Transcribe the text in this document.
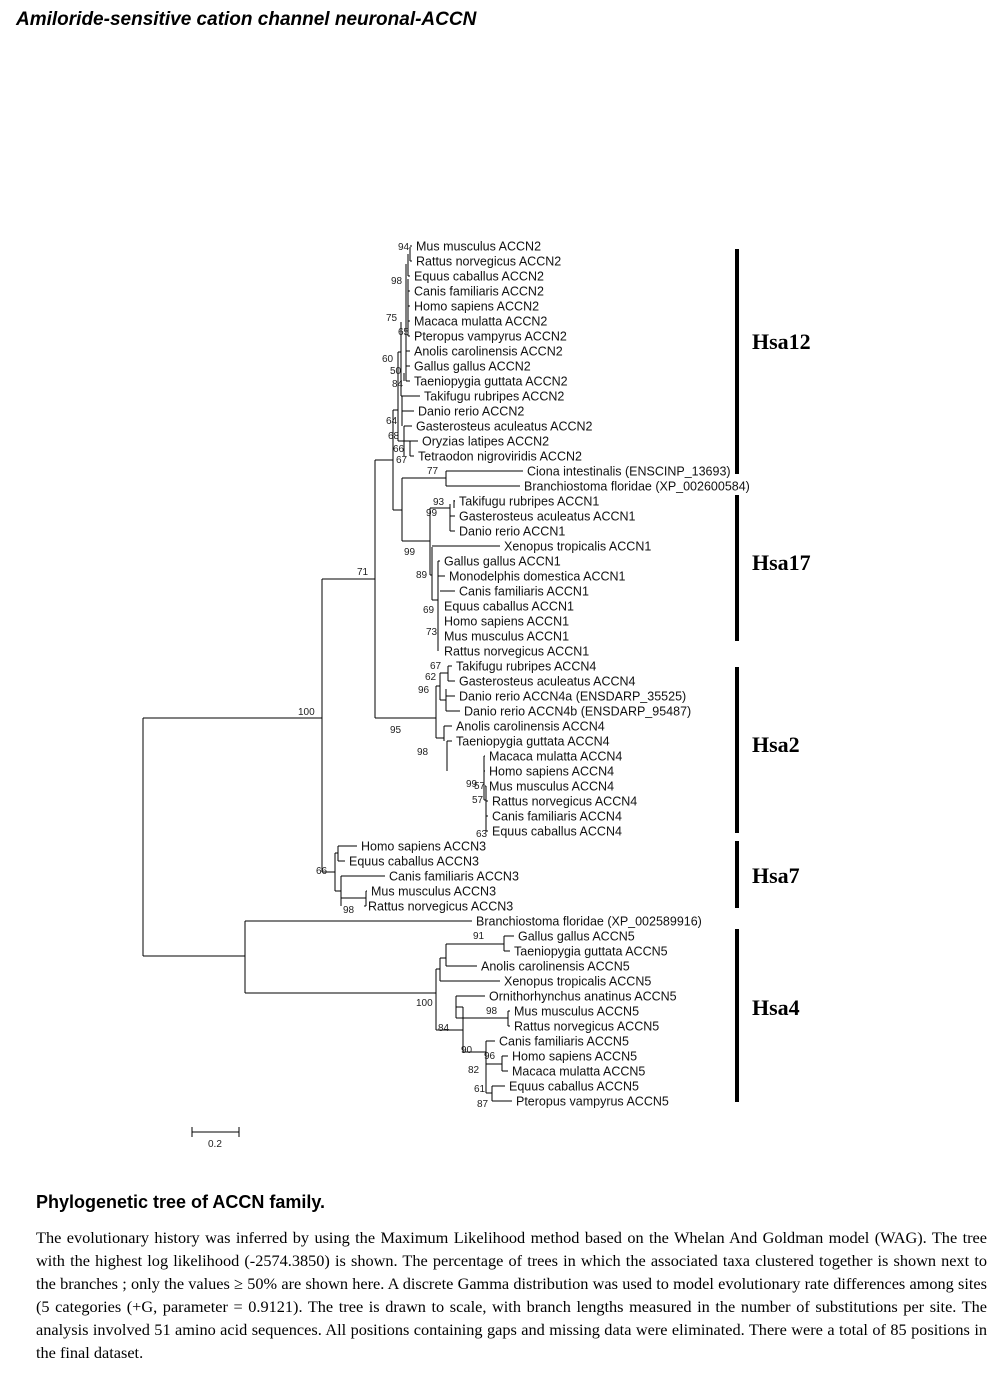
Amiloride-sensitive cation channel neuronal-ACCN
Mus musculus ACCN2
Rattus norvegicus ACCN2
Equus caballus ACCN2
Canis familiaris ACCN2
Homo sapiens ACCN2
Macaca mulatta ACCN2
Pteropus vampyrus ACCN2
Anolis carolinensis ACCN2
Gallus gallus ACCN2
Taeniopygia guttata ACCN2
Takifugu rubripes ACCN2
Danio rerio ACCN2
Gasterosteus aculeatus ACCN2
Oryzias latipes ACCN2
Tetraodon nigroviridis ACCN2
Ciona intestinalis (ENSCINP_13693)
Branchiostoma floridae (XP_002600584)
Takifugu rubripes ACCN1
Gasterosteus aculeatus ACCN1
Danio rerio ACCN1
Xenopus tropicalis ACCN1
Gallus gallus ACCN1
Monodelphis domestica ACCN1
Canis familiaris ACCN1
Equus caballus ACCN1
Homo sapiens ACCN1
Mus musculus ACCN1
Rattus norvegicus ACCN1
Takifugu rubripes ACCN4
Gasterosteus aculeatus ACCN4
Danio rerio ACCN4a (ENSDARP_35525)
Danio rerio ACCN4b (ENSDARP_95487)
Anolis carolinensis ACCN4
Taeniopygia guttata ACCN4
Macaca mulatta ACCN4
Homo sapiens ACCN4
Mus musculus ACCN4
Rattus norvegicus ACCN4
Canis familiaris ACCN4
Equus caballus ACCN4
Homo sapiens ACCN3
Equus caballus ACCN3
Canis familiaris ACCN3
Mus musculus ACCN3
Rattus norvegicus ACCN3
Branchiostoma floridae (XP_002589916)
Gallus gallus ACCN5
Taeniopygia guttata ACCN5
Anolis carolinensis ACCN5
Xenopus tropicalis ACCN5
Ornithorhynchus anatinus ACCN5
Mus musculus ACCN5
Rattus norvegicus ACCN5
Canis familiaris ACCN5
Homo sapiens ACCN5
Macaca mulatta ACCN5
Equus caballus ACCN5
Pteropus vampyrus ACCN5
94
98
75
65
60
50
84
64
68
66
67
77
93
99
99
89
69
73
71
67
62
96
100
95
98
99
57
57
63
66
98
91
100
98
84
90
96
82
61
87
Hsa12
Hsa17
Hsa2
Hsa7
Hsa4
0.2
Phylogenetic tree of ACCN family.
The evolutionary history was inferred by using the Maximum Likelihood method based on the Whelan And Goldman model (WAG). The tree with the highest log likelihood (-2574.3850) is shown. The percentage of trees in which the associated taxa clustered together is shown next to the branches ; only the values ≥ 50% are shown here. A discrete Gamma distribution was used to model evolutionary rate differences among sites (5 categories (+G, parameter = 0.9121). The tree is drawn to scale, with branch lengths measured in the number of substitutions per site. The analysis involved 51 amino acid sequences. All positions containing gaps and missing data were eliminated. There were a total of 85 positions in the final dataset.
